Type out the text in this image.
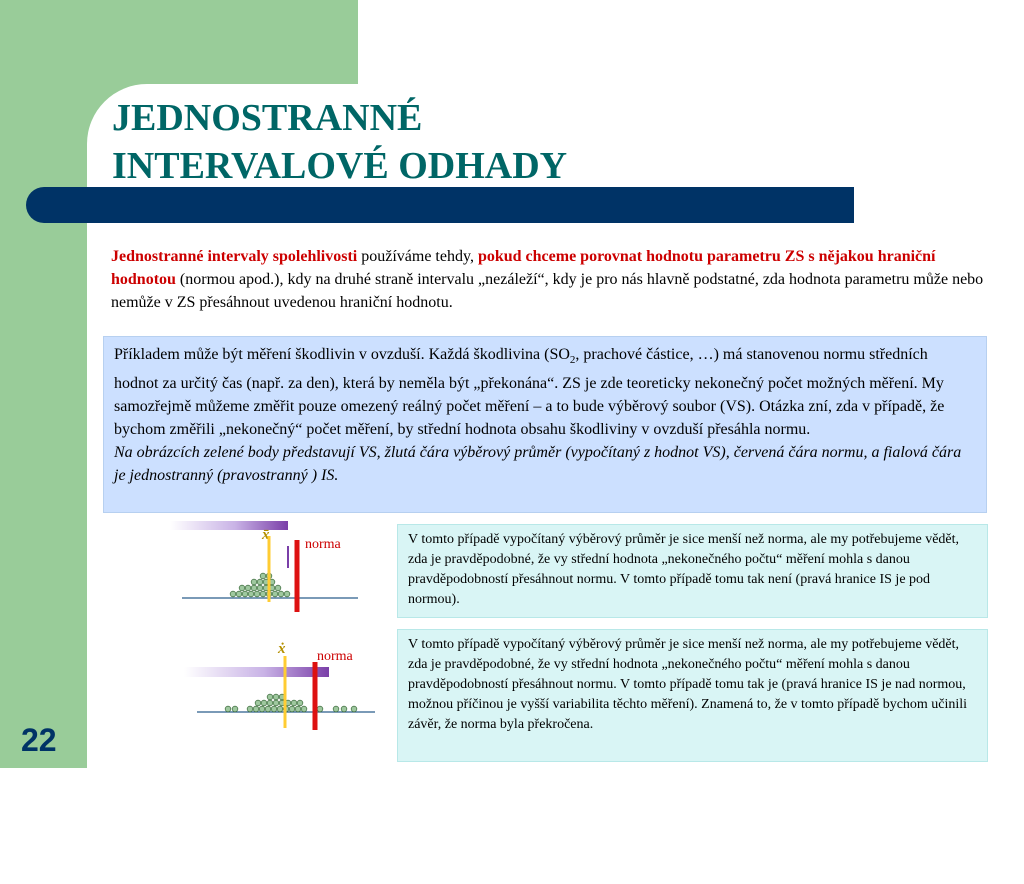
JEDNOSTRANNÉ
INTERVALOVÉ ODHADY

Jednostranné intervaly spolehlivosti používáme tehdy, pokud chceme porovnat hodnotu parametru ZS s nějakou hraniční hodnotou (normou apod.), kdy na druhé straně intervalu „nezáleží“, kdy je pro nás hlavně podstatné, zda hodnota parametru může nebo nemůže v ZS přesáhnout uvedenou hraniční hodnotu.

Příkladem může být měření škodlivin v ovzduší. Každá škodlivina ($SO_2$, prachové částice, …) má stanovenou normu středních hodnot za určitý čas (např. za den), která by neměla být „překonána“. ZS je zde teoreticky nekonečný počet možných měření. My samozřejmě můžeme změřit pouze omezený reálný počet měření – a to bude výběrový soubor (VS). Otázka zní, zda v případě, že bychom změřili „nekonečný“ počet měření, by střední hodnota obsahu škodliviny v ovzduší přesáhla normu.
Na obrázcích zelené body představují VS, žlutá čára výběrový průměr (vypočítaný z hodnot VS), červená čára normu, a fialová čára je jednostranný (pravostranný ) IS.
x̄
norma
ẋ norma
V tomto případě vypočítaný výběrový průměr je sice menší než norma, ale my potřebujeme vědět, zda je pravděpodobné, že vy střední hodnota „nekonečného počtu“ měření mohla s danou pravděpodobností přesáhnout normu. V tomto případě tomu tak není (pravá hranice IS je pod normou).
V tomto případě vypočítaný výběrový průměr je sice menší než norma, ale my potřebujeme vědět, zda je pravděpodobné, že vy střední hodnota „nekonečného počtu“ měření mohla s danou pravděpodobností přesáhnout normu. V tomto případě tomu tak je (pravá hranice IS je nad normou, možnou příčinou je vyšší variabilita těchto měření). Znamená to, že v tomto případě bychom učinili závěr, že norma byla překročena.
22
